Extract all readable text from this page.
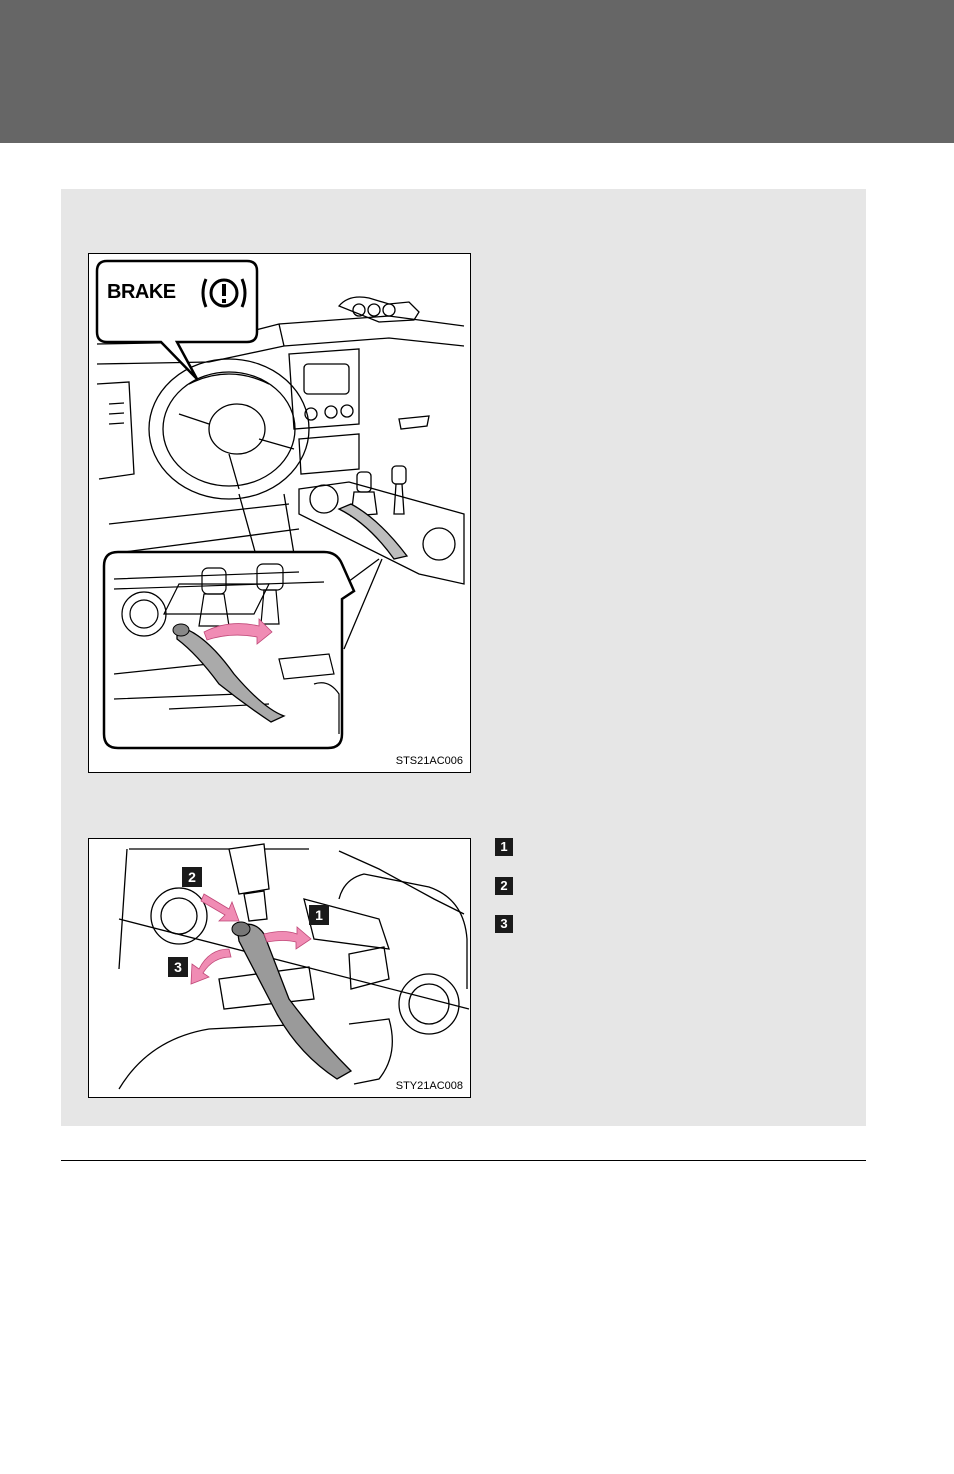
BRAKE
STS21AC006
1
2
3
STY21AC008
1
2
3
